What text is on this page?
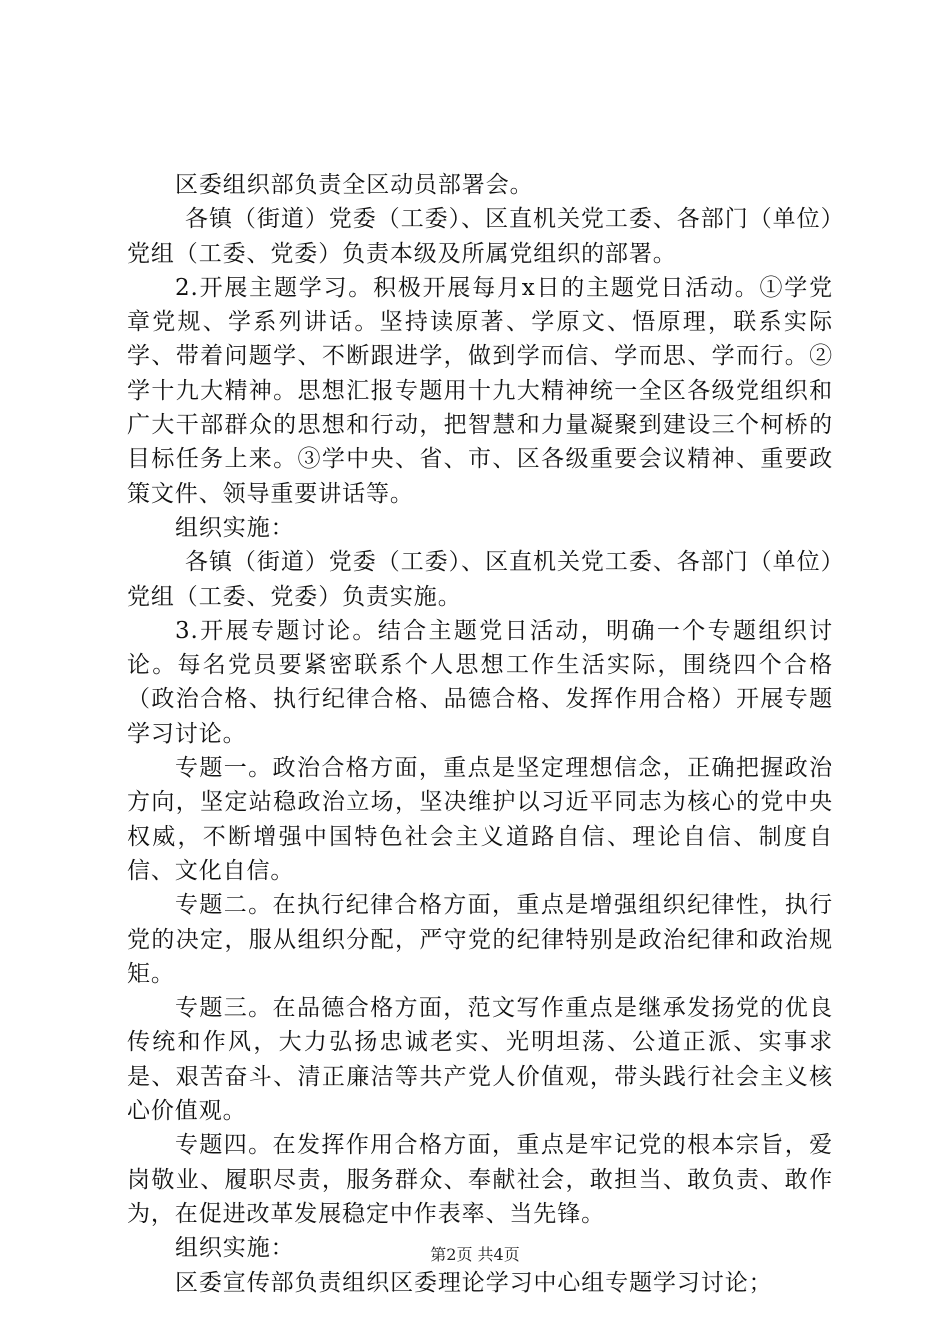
区委组织部负责全区动员部署会。

各镇（街道）党委（工委）、区直机关党工委、各部门（单位）党组（工委、党委）负责本级及所属党组织的部署。

2.开展主题学习。积极开展每月x日的主题党日活动。①学党章党规、学系列讲话。坚持读原著、学原文、悟原理，联系实际学、带着问题学、不断跟进学，做到学而信、学而思、学而行。②学十九大精神。思想汇报专题用十九大精神统一全区各级党组织和广大干部群众的思想和行动，把智慧和力量凝聚到建设三个柯桥的目标任务上来。③学中央、省、市、区各级重要会议精神、重要政策文件、领导重要讲话等。

组织实施：

各镇（街道）党委（工委）、区直机关党工委、各部门（单位）党组（工委、党委）负责实施。

3.开展专题讨论。结合主题党日活动，明确一个专题组织讨论。每名党员要紧密联系个人思想工作生活实际，围绕四个合格（政治合格、执行纪律合格、品德合格、发挥作用合格）开展专题学习讨论。

专题一。政治合格方面，重点是坚定理想信念，正确把握政治方向，坚定站稳政治立场，坚决维护以习近平同志为核心的党中央权威，不断增强中国特色社会主义道路自信、理论自信、制度自信、文化自信。

专题二。在执行纪律合格方面，重点是增强组织纪律性，执行党的决定，服从组织分配，严守党的纪律特别是政治纪律和政治规矩。

专题三。在品德合格方面，范文写作重点是继承发扬党的优良传统和作风，大力弘扬忠诚老实、光明坦荡、公道正派、实事求是、艰苦奋斗、清正廉洁等共产党人价值观，带头践行社会主义核心价值观。

专题四。在发挥作用合格方面，重点是牢记党的根本宗旨，爱岗敬业、履职尽责，服务群众、奉献社会，敢担当、敢负责、敢作为，在促进改革发展稳定中作表率、当先锋。

组织实施：

区委宣传部负责组织区委理论学习中心组专题学习讨论；

第2页 共4页
